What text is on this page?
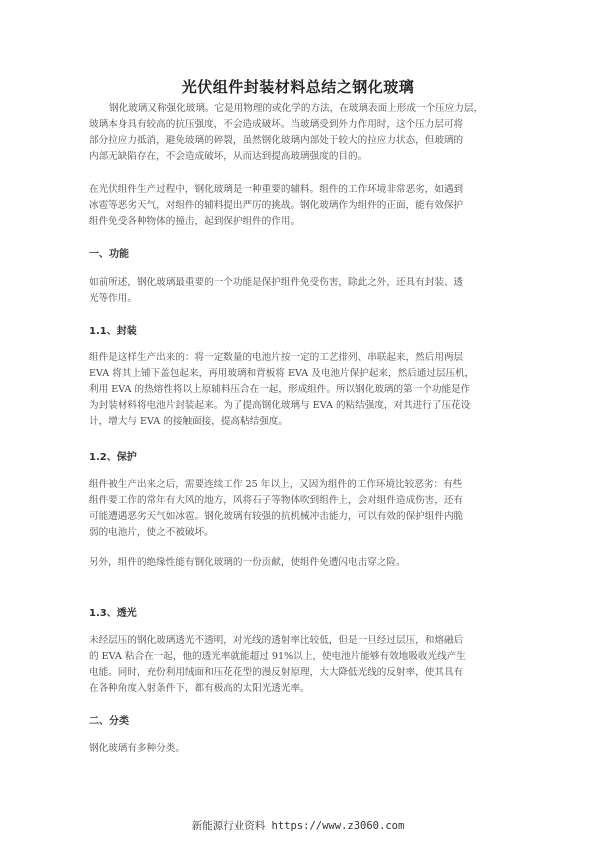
光伏组件封装材料总结之钢化玻璃
钢化玻璃又称强化玻璃。它是用物理的或化学的方法，在玻璃表面上形成一个压应力层，
玻璃本身具有较高的抗压强度，不会造成破坏。当玻璃受到外力作用时，这个压力层可将
部分拉应力抵消，避免玻璃的碎裂，虽然钢化玻璃内部处于较大的拉应力状态，但玻璃的
内部无缺陷存在，不会造成破坏，从而达到提高玻璃强度的目的。
在光伏组件生产过程中，钢化玻璃是一种重要的辅料。组件的工作环境非常恶劣，如遇到
冰雹等恶劣天气，对组件的辅料提出严厉的挑战。钢化玻璃作为组件的正面，能有效保护
组件免受各种物体的撞击，起到保护组件的作用。
一、功能
如前所述，钢化玻璃最重要的一个功能是保护组件免受伤害，除此之外，还具有封装、透
光等作用。
1.1、封装
组件是这样生产出来的：将一定数量的电池片按一定的工艺排列、串联起来，然后用两层
EVA 将其上铺下盖包起来，再用玻璃和背板将 EVA 及电池片保护起来，然后通过层压机，
利用 EVA 的热熔性将以上原辅料压合在一起，形成组件。所以钢化玻璃的第一个功能是作
为封装材料将电池片封装起来。为了提高钢化玻璃与 EVA 的粘结强度，对其进行了压花设
计，增大与 EVA 的接触面接，提高粘结强度。
1.2、保护
组件被生产出来之后，需要连续工作 25 年以上，又因为组件的工作环境比较恶劣：有些
组件要工作的常年有大风的地方，风将石子等物体吹到组件上，会对组件造成伤害，还有
可能遭遇恶劣天气如冰雹。钢化玻璃有较强的抗机械冲击能力，可以有效的保护组件内脆
弱的电池片，使之不被破坏。
另外，组件的绝缘性能有钢化玻璃的一份贡献，使组件免遭闪电击穿之险。
1.3、透光
未经层压的钢化玻璃透光不透明，对光线的透射率比较低，但是一旦经过层压，和熔融后
的 EVA 粘合在一起，他的透光率就能超过 91%以上，使电池片能够有效地吸收光线产生
电能。同时，充份利用绒面和压花花型的漫反射原理，大大降低光线的反射率，使其具有
在各种角度入射条件下，都有极高的太阳光透光率。
二、分类
钢化玻璃有多种分类。
新能源行业资料 https://www.z3060.com
